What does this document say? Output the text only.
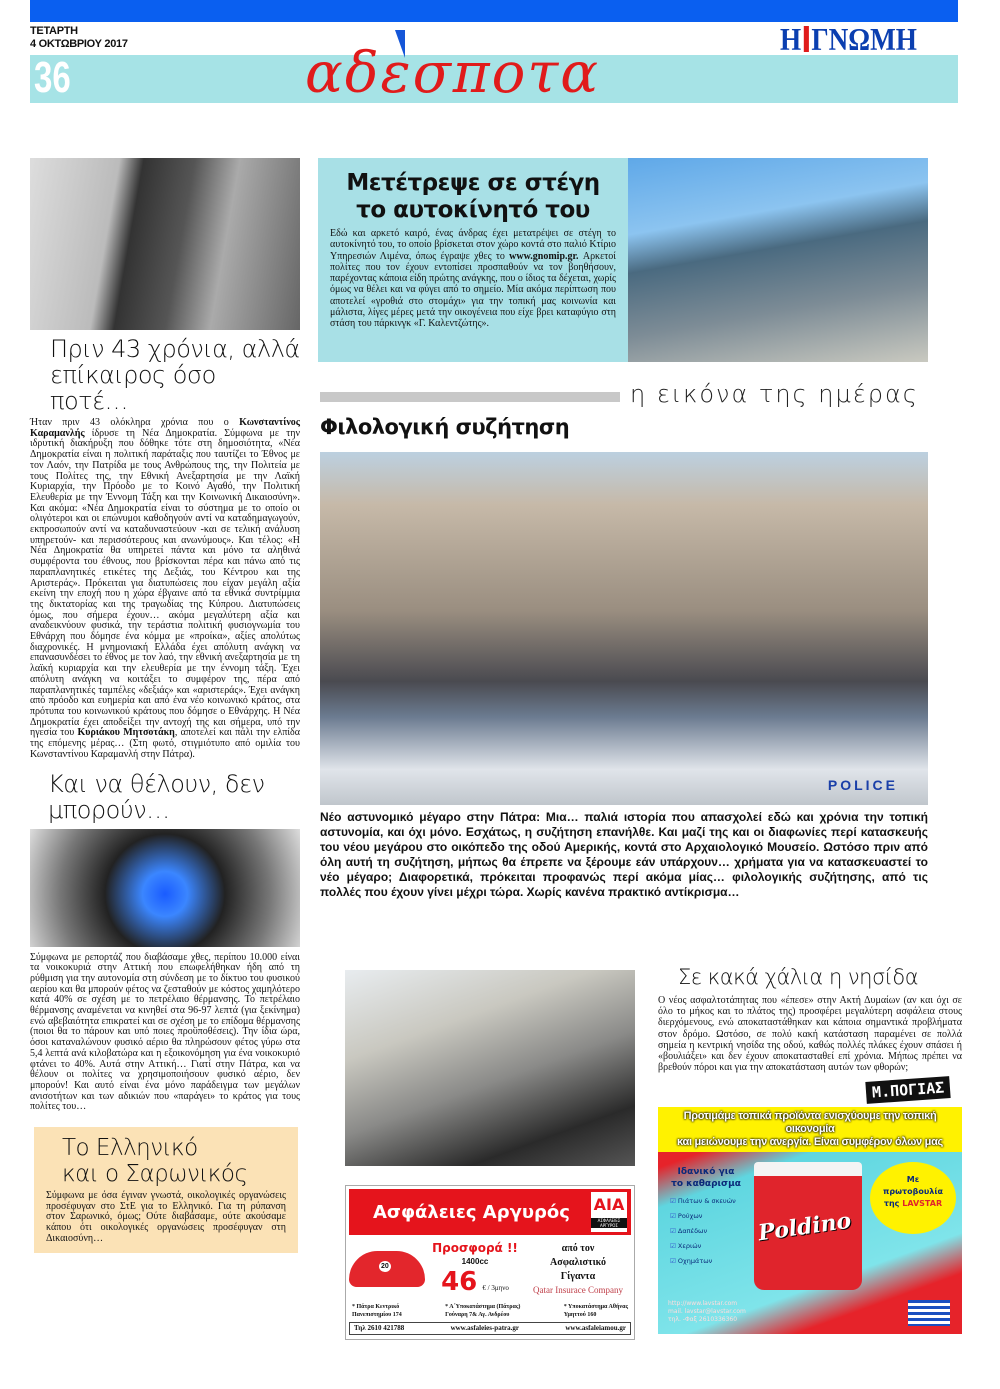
ΤΕΤΑΡΤΗ
4 ΟΚΤΩΒΡΙΟΥ 2017
36	αδεσποτα
Η ΓΝΩΜΗ
Πριν 43 χρόνια, αλλά
επίκαιρος όσο ποτέ…
Ήταν πριν 43 ολόκληρα χρόνια που ο Κωνσταντίνος Καραμανλής ίδρυσε τη Νέα Δημοκρατία. Σύμφωνα με την ιδρυτική διακήρυξη που δόθηκε τότε στη δημοσιότητα, «Νέα Δημοκρατία είναι η πολιτική παράταξις που ταυτίζει το Έθνος με τον Λαόν, την Πατρίδα με τους Ανθρώπους της, την Πολιτεία με τους Πολίτες της, την Εθνική Ανεξαρτησία με την Λαϊκή Κυριαρχία, την Πρόοδο με το Κοινό Αγαθό, την Πολιτική Ελευθερία με την Έννομη Τάξη και την Κοινωνική Δικαιοσύνη». Και ακόμα: «Νέα Δημοκρατία είναι το σύστημα με το οποίο οι ολιγότεροι και οι επώνυμοι καθοδηγούν αντί να καταδημαγωγούν, εκπροσωπούν αντί να καταδυναστεύουν -και σε τελική ανάλυση υπηρετούν- και περισσότερους και ανωνύμους». Και τέλος: «Η Νέα Δημοκρατία θα υπηρετεί πάντα και μόνο τα αληθινά συμφέροντα του έθνους, που βρίσκονται πέρα και πάνω από τις παραπλανητικές ετικέτες της Δεξιάς, του Κέντρου και της Αριστεράς». Πρόκειται για διατυπώσεις που είχαν μεγάλη αξία εκείνη την εποχή που η χώρα έβγαινε από τα εθνικά συντρίμμια της δικτατορίας και της τραγωδίας της Κύπρου. Διατυπώσεις όμως, που σήμερα έχουν… ακόμα μεγαλύτερη αξία και αναδεικνύουν φυσικά, την τεράστια πολιτική φυσιογνωμία του Εθνάρχη που δόμησε ένα κόμμα με «προίκα», αξίες απολύτως διαχρονικές. Η μνημονιακή Ελλάδα έχει απόλυτη ανάγκη να επανασυνδέσει το έθνος με τον λαό, την εθνική ανεξαρτησία με τη λαϊκή κυριαρχία και την ελευθερία με την έννομη τάξη. Έχει απόλυτη ανάγκη να κοιτάξει το συμφέρον της, πέρα από παραπλανητικές ταμπέλες «δεξιάς» και «αριστεράς». Έχει ανάγκη από πρόοδο και ευημερία και από ένα νέο κοινωνικό κράτος, στα πρότυπα του κοινωνικού κράτους που δόμησε ο Εθνάρχης. Η Νέα Δημοκρατία έχει αποδείξει την αντοχή της και σήμερα, υπό την ηγεσία του Κυριάκου Μητσοτάκη, αποτελεί και πάλι την ελπίδα της επόμενης μέρας… (Στη φωτό, στιγμιότυπο από ομιλία του Κωνσταντίνου Καραμανλή στην Πάτρα).
Και να θέλουν, δεν
μπορούν…
Σύμφωνα με ρεπορτάζ που διαβάσαμε χθες, περίπου 10.000 είναι τα νοικοκυριά στην Αττική που επωφελήθηκαν ήδη από τη ρύθμιση για την αυτονομία στη σύνδεση με το δίκτυο του φυσικού αερίου και θα μπορούν φέτος να ζεσταθούν με κόστος χαμηλότερο κατά 40% σε σχέση με το πετρέλαιο θέρμανσης. Το πετρέλαιο θέρμανσης αναμένεται να κινηθεί στα 96-97 λεπτά (για ξεκίνημα) ενώ αβεβαιότητα επικρατεί και σε σχέση με το επίδομα θέρμανσης (ποιοι θα το πάρουν και υπό ποιες προϋποθέσεις). Την ίδια ώρα, όσοι καταναλώνουν φυσικό αέριο θα πληρώσουν φέτος γύρω στα 5,4 λεπτά ανά κιλοβατώρα και η εξοικονόμηση για ένα νοικοκυριό φτάνει το 40%. Αυτά στην Αττική… Γιατί στην Πάτρα, και να θέλουν οι πολίτες να χρησιμοποιήσουν φυσικό αέριο, δεν μπορούν! Και αυτό είναι ένα μόνο παράδειγμα των μεγάλων ανισοτήτων και των αδικιών που «παράγει» το κράτος για τους πολίτες του…
Το Ελληνικό
και ο Σαρωνικός
Σύμφωνα με όσα έγιναν γνωστά, οικολογικές οργανώσεις προσέφυγαν στο ΣτΕ για το Ελληνικό. Για τη ρύπανση στον Σαρωνικό, όμως; Ούτε διαβάσαμε, ούτε ακούσαμε κάπου ότι οικολογικές οργανώσεις προσέφυγαν στη Δικαιοσύνη…
Μετέτρεψε σε στέγη
το αυτοκίνητό του
Εδώ και αρκετό καιρό, ένας άνδρας έχει μετατρέψει σε στέγη το αυτοκίνητό του, το οποίο βρίσκεται στον χώρο κοντά στο παλιό Κτίριο Υπηρεσιών Λιμένα, όπως έγραψε χθες το www.gnomip.gr. Αρκετοί πολίτες που τον έχουν εντοπίσει προσπαθούν να τον βοηθήσουν, παρέχοντας κάποια είδη πρώτης ανάγκης, που ο ίδιος τα δέχεται, χωρίς όμως να θέλει και να φύγει από το σημείο. Μία ακόμα περίπτωση που αποτελεί «γροθιά στο στομάχι» για την τοπική μας κοινωνία και μάλιστα, λίγες μέρες μετά την οικογένεια που είχε βρει καταφύγιο στη στάση του πάρκινγκ «Γ. Καλεντζώτης».
η εικόνα της ημέρας
Φιλολογική συζήτηση
POLICE
Νέο αστυνομικό μέγαρο στην Πάτρα: Μια… παλιά ιστορία που απασχολεί εδώ και χρόνια την τοπική αστυνομία, και όχι μόνο. Εσχάτως, η συζήτηση επανήλθε. Και μαζί της και οι διαφωνίες περί κατασκευής του νέου μεγάρου στο οικόπεδο της οδού Αμερικής, κοντά στο Αρχαιολογικό Μουσείο. Ωστόσο πριν από όλη αυτή τη συζήτηση, μήπως θα έπρεπε να ξέρουμε εάν υπάρχουν… χρήματα για να κατασκευαστεί το νέο μέγαρο; Διαφορετικά, πρόκειται προφανώς περί ακόμα μίας… φιλολογικής συζήτησης, από τις πολλές που έχουν γίνει μέχρι τώρα. Χωρίς κανένα πρακτικό αντίκρισμα…
Σε κακά χάλια η νησίδα
Ο νέος ασφαλτοτάπητας που «έπεσε» στην Ακτή Δυμαίων (αν και όχι σε όλο το μήκος και το πλάτος της) προσφέρει μεγαλύτερη ασφάλεια στους διερχόμενους, ενώ αποκαταστάθηκαν και κάποια σημαντικά προβλήματα στον δρόμο. Ωστόσο, σε πολύ κακή κατάσταση παραμένει σε πολλά σημεία η κεντρική νησίδα της οδού, καθώς πολλές πλάκες έχουν σπάσει ή «βουλιάξει» και δεν έχουν αποκατασταθεί επί χρόνια. Μήπως πρέπει να βρεθούν πόροι και για την αποκατάσταση αυτών των φθορών;
Μ.ΠΟΓΙΑΣ
Προτιμάμε τοπικά προϊόντα ενισχύουμε την τοπική οικονομία
και μειώνουμε την ανεργία. Είναι συμφέρον όλων μας
Ιδανικό για
το καθαρισμα
☑ Πιάτων & σκευών
☑ Ρούχων
☑ Δαπέδων
☑ Χεριών
☑ Οχημάτων
Poldino
Με
πρωτοβουλία
της LAVSTAR
http://www.lavstar.com
mail. lavstar@lavstar.com
τηλ. -Φαξ 2610336360
Ασφάλειες Αργυρός ΑΙΑ
ΑΣΦΑΛΕΙΕΣ ΑΡΓΥΡΟΣ
20
Προσφορά !!
1400cc
46 € / 3μηνο
από τον
Ασφαλιστικό
Γίγαντα
Qatar Insurace Company
* Πάτρα Κεντρικό
Πανεπιστημίου 174
* Α΄Υποκατάστημα (Πάτρας)
Γούναρη 7& Αγ. Ανδρέου
* Υποκατάστημα Αθήνας
Υμηττού 160
Τηλ 2610 421788	www.asfaleies-patra.gr	www.asfaleiamou.gr
